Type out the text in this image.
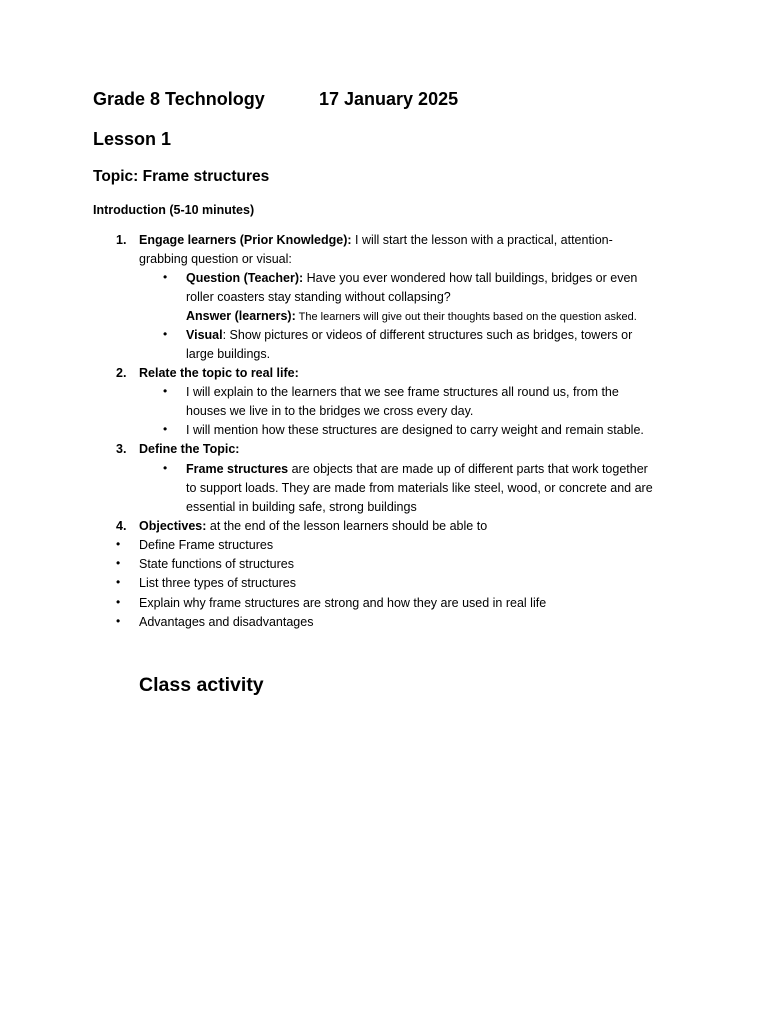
Grade 8 Technology	17 January 2025
Lesson 1
Topic: Frame structures
Introduction (5-10 minutes)
1. Engage learners (Prior Knowledge): I will start the lesson with a practical, attention-
grabbing question or visual:
• Question (Teacher): Have you ever wondered how tall buildings, bridges or even
roller coasters stay standing without collapsing?
Answer (learners): The learners will give out their thoughts based on the question asked.
• Visual: Show pictures or videos of different structures such as bridges, towers or
large buildings.
2. Relate the topic to real life:
• I will explain to the learners that we see frame structures all round us, from the
houses we live in to the bridges we cross every day.
• I will mention how these structures are designed to carry weight and remain stable.
3. Define the Topic:
• Frame structures are objects that are made up of different parts that work together
to support loads. They are made from materials like steel, wood, or concrete and are
essential in building safe, strong buildings
4. Objectives: at the end of the lesson learners should be able to
• Define Frame structures
• State functions of structures
• List three types of structures
• Explain why frame structures are strong and how they are used in real life
• Advantages and disadvantages
Class activity
